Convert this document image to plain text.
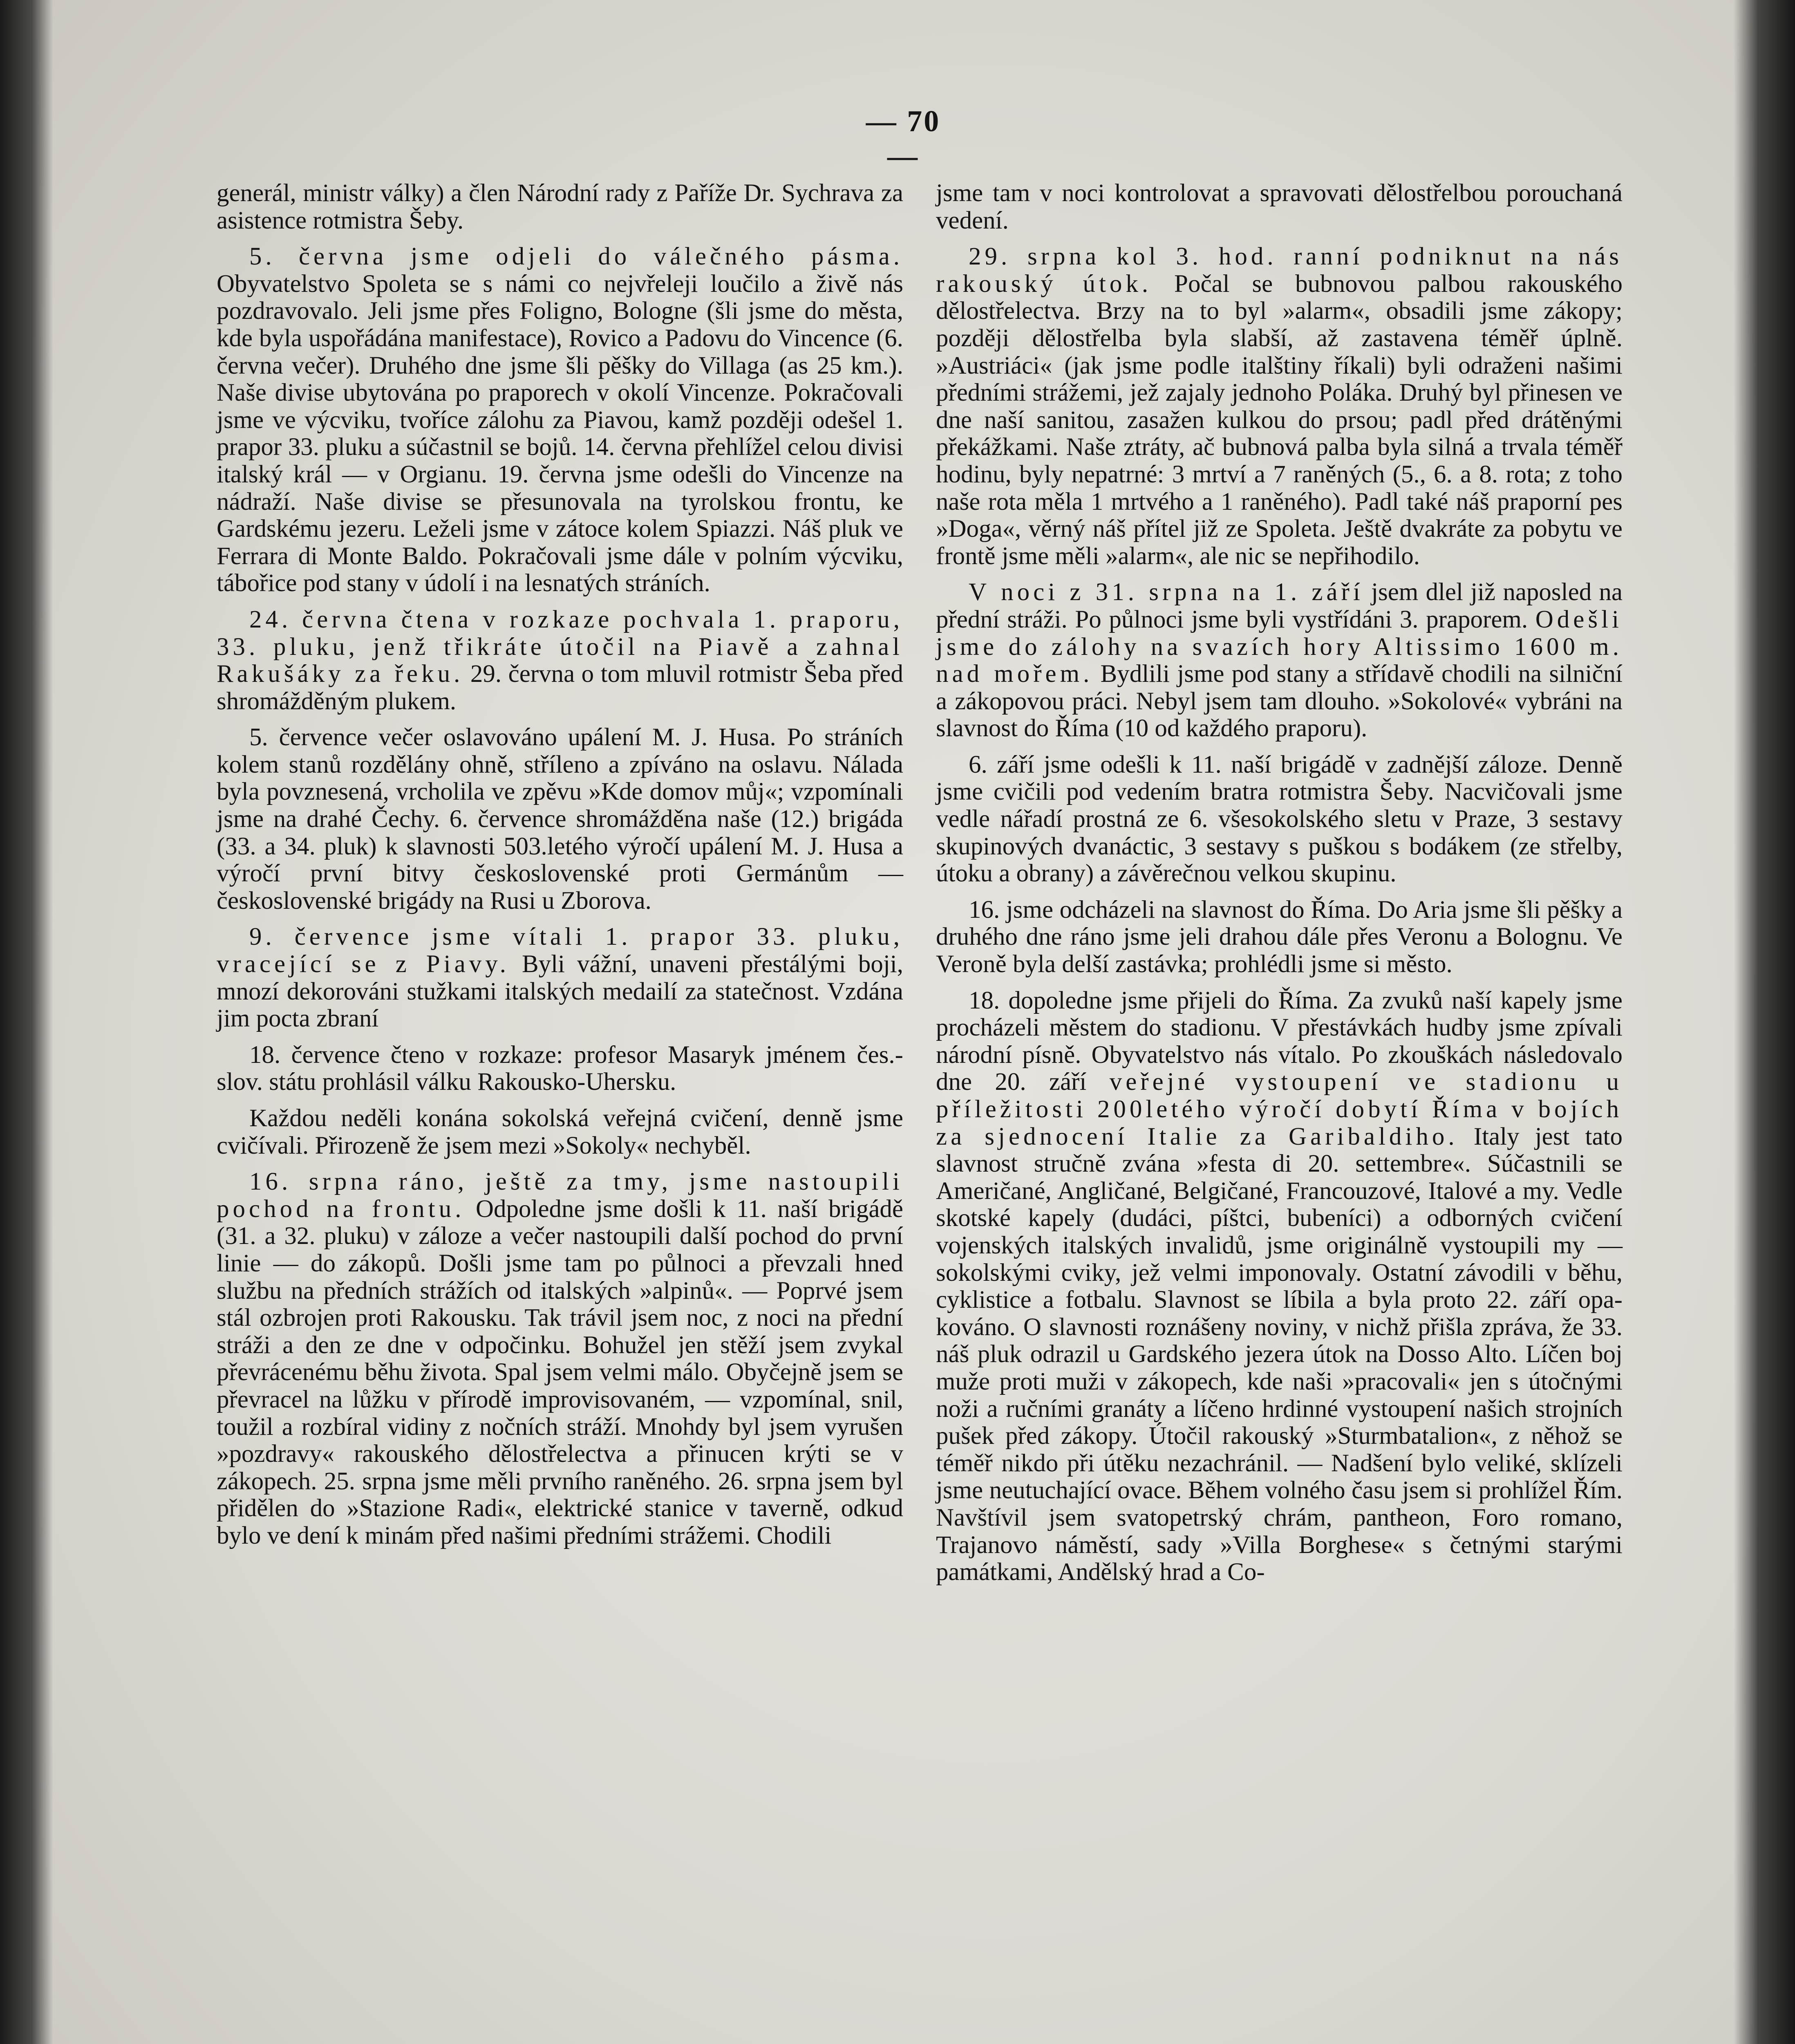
— 70 —

generál, ministr války) a člen Národní rady z Paříže Dr. Sychrava za asistence rotmistra Šeby.

5. června jsme odjeli do válečného pásma. Obyvatelstvo Spoleta se s námi co nejvřeleji loučilo a živě nás pozdravovalo. Jeli jsme přes Foligno, Bologne (šli jsme do města, kde byla uspořádána manifestace), Rovico a Padovu do Vincence (6. června večer). Druhého dne jsme šli pěšky do Villaga (as 25 km.). Naše divise ubytována po praporech v okolí Vincenze. Pokračovali jsme ve výcviku, tvoříce zálohu za Piavou, kamž později odešel 1. prapor 33. pluku a súčastnil se bojů. 14. června přehlížel celou divisi italský král — v Orgianu. 19. června jsme odešli do Vincenze na nádraží. Naše divise se přesunovala na tyrolskou frontu, ke Gardskému jezeru. Leželi jsme v zátoce kolem Spiazzi. Náš pluk ve Ferrara di Monte Baldo. Pokračovali jsme dále v polním výcviku, tábořice pod stany v údolí i na lesnatých stráních.

24. června čtena v rozkaze pochvala 1. praporu, 33. pluku, jenž třikráte útočil na Piavě a zahnal Rakušáky za řeku. 29. června o tom mluvil rotmistr Šeba před shromážděným plukem.

5. července večer oslavováno upálení M. J. Husa. Po stráních kolem stanů rozdělány ohně, stříleno a zpíváno na oslavu. Nálada byla povznesená, vrcholila ve zpěvu »Kde domov můj«; vzpomínali jsme na drahé Čechy. 6. července shromážděna naše (12.) brigáda (33. a 34. pluk) k slavnosti 503.letého výročí upálení M. J. Husa a výročí první bitvy československé proti Germánům — československé brigády na Rusi u Zborova.

9. července jsme vítali 1. prapor 33. pluku, vracející se z Piavy. Byli vážní, unaveni přestálými boji, mnozí dekorováni stužkami italských medailí za statečnost. Vzdána jim pocta zbraní

18. července čteno v rozkaze: profesor Masaryk jménem čes.-slov. státu prohlásil válku Rakousko-Uhersku.

Každou neděli konána sokolská veřejná cvičení, denně jsme cvičívali. Přirozeně že jsem mezi »Sokoly« nechyběl.

16. srpna ráno, ještě za tmy, jsme nastoupili pochod na frontu. Odpoledne jsme došli k 11. naší brigádě (31. a 32. pluku) v záloze a večer nastoupili další pochod do první linie — do zákopů. Došli jsme tam po půlnoci a převzali hned službu na předních strážích od italských »alpinů«. — Poprvé jsem stál ozbrojen proti Rakousku. Tak trávil jsem noc, z noci na přední stráži a den ze dne v odpočinku. Bohužel jen stěží jsem zvykal převrácenému běhu života. Spal jsem velmi málo. Obyčejně jsem se převracel na lůžku v přírodě improvisovaném, — vzpomínal, snil, toužil a rozbíral vidiny z nočních stráží. Mnohdy byl jsem vyrušen »pozdravy« rakouského dělostřelectva a přinucen krýti se v zákopech. 25. srpna jsme měli prvního raněného. 26. srpna jsem byl přidělen do »Stazione Radi«, elektrické stanice v taverně, odkud bylo ve dení k minám před našimi předními strážemi. Chodili

jsme tam v noci kontrolovat a spravovati dělostřelbou porouchaná vedení.

29. srpna kol 3. hod. ranní podniknut na nás rakouský útok. Počal se bubnovou palbou rakouského dělostřelectva. Brzy na to byl »alarm«, obsadili jsme zákopy; později dělostřelba byla slabší, až zastavena téměř úplně. »Austriáci« (jak jsme podle italštiny říkali) byli odraženi našimi předními strážemi, jež zajaly jednoho Poláka. Druhý byl přinesen ve dne naší sanitou, zasažen kulkou do prsou; padl před drátěnými překážkami. Naše ztráty, ač bubnová palba byla silná a trvala téměř hodinu, byly nepatrné: 3 mrtví a 7 raněných (5., 6. a 8. rota; z toho naše rota měla 1 mrtvého a 1 raněného). Padl také náš praporní pes »Doga«, věrný náš přítel již ze Spoleta. Ještě dvakráte za pobytu ve frontě jsme měli »alarm«, ale nic se nepřihodilo.

V noci z 31. srpna na 1. září jsem dlel již naposled na přední stráži. Po půlnoci jsme byli vystřídáni 3. praporem. Odešli jsme do zálohy na svazích hory Altissimo 1600 m. nad mořem. Bydlili jsme pod stany a střídavě chodili na silniční a zákopovou práci. Nebyl jsem tam dlouho. »Sokolové« vybráni na slavnost do Říma (10 od každého praporu).

6. září jsme odešli k 11. naší brigádě v zadnější záloze. Denně jsme cvičili pod vedením bratra rotmistra Šeby. Nacvičovali jsme vedle nářadí prostná ze 6. všesokolského sletu v Praze, 3 sestavy skupinových dvanáctic, 3 sestavy s puškou s bodákem (ze střelby, útoku a obrany) a závěrečnou velkou skupinu.

16. jsme odcházeli na slavnost do Říma. Do Aria jsme šli pěšky a druhého dne ráno jsme jeli drahou dále přes Veronu a Bolognu. Ve Veroně byla delší zastávka; prohlédli jsme si město.

18. dopoledne jsme přijeli do Říma. Za zvuků naší kapely jsme procházeli městem do stadionu. V přestávkách hudby jsme zpívali národní písně. Obyvatelstvo nás vítalo. Po zkouškách následovalo dne 20. září veřejné vystoupení ve stadionu u příležitosti 200letého výročí dobytí Říma v bojích za sjednocení Italie za Garibaldiho. Italy jest tato slavnost stručně zvána »festa di 20. settembre«. Súčastnili se Američané, Angličané, Belgičané, Francouzové, Italové a my. Vedle skotské kapely (dudáci, píštci, bubeníci) a odborných cvičení vojenských italských invalidů, jsme originálně vystoupili my — sokolskými cviky, jež velmi imponovaly. Ostatní závodili v běhu, cyklistice a fotbalu. Slavnost se líbila a byla proto 22. září opa-kováno. O slavnosti roznášeny noviny, v nichž přišla zpráva, že 33. náš pluk odrazil u Gardského jezera útok na Dosso Alto. Líčen boj muže proti muži v zákopech, kde naši »pracovali« jen s útočnými noži a ručními granáty a líčeno hrdinné vystoupení našich strojních pušek před zákopy. Útočil rakouský »Sturmbatalion«, z něhož se téměř nikdo při útěku nezachránil. — Nadšení bylo veliké, sklízeli jsme neutuchající ovace. Během volného času jsem si prohlížel Řím. Navštívil jsem svatopetrský chrám, pantheon, Foro romano, Trajanovo náměstí, sady »Villa Borghese« s četnými starými památkami, Andělský hrad a Co-
